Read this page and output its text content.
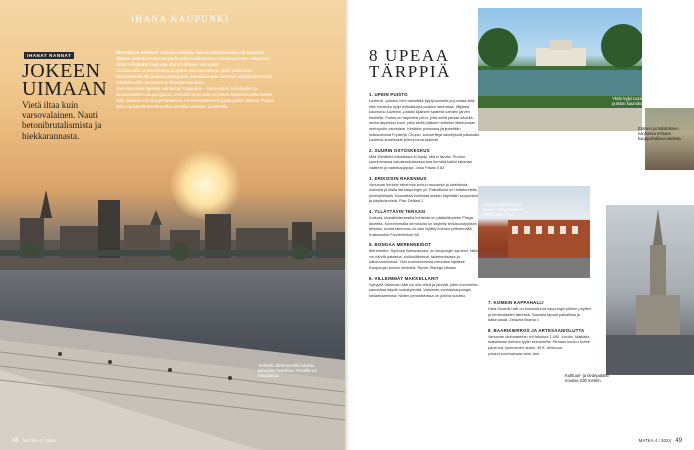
IHANA KAUPUNKI
IHANAT RANNAT
JOKEEN
UIMAAN
Vietä iltaa kuin varsovalainen. Nauti betonibrutalismista ja hiekkarannasta.

VEIKSELIN RANNAT ovat varsovalaisille tärkeitä virkistysalueita, sillä kaupunki sijaitsee keskellä Puolaa tasaisella peltomaalla kaukana merenrannoista. Veikselissä virtaa virkistävästi kaupungin läpi ja halkaisee sen kahtia.

Länsirannalla on kävelykatuja ja jyrkkiä näkymäterasseja, pitkin poikkeavan kävelysiltapaikoilla ja katuruokakojuissa. Betonikaunasta Varsovan nykyaikaisemmalla arkkitehtuurilla, tanssitaan ja ikkunoita katsotaan.

Joen itäpuolella sijaitsee rouheampi Praga-alue – hipstereiden, taiteilijoiden ja kuvaamataiteen kaupunginosa. Veikselin itärannalla voi pääsiä hiekkarannoilla-alueille, joilla ahdaksti ovat ilmi pernantaneet. Hämmästyttävästi hyppää jokeen uimaan. Polkua pitkin voi kävellä kävelleä pitkin rannalla kahvilaan ja bistroille.

Veikselin länsirannalla lukuisia kahvilaita kesäiltaa. Päivällä voi rampautua.
48 MATKA 4 / 2024
8 UPEAA
TÄRPPIÄ
1. UPEIN PUISTO
Łazienki -puiston nimi tarkoittaa kylpyhuoneita ja juontaa sillä, että hovisuku kylpi entisaikoina puiston lammissa. Hiljaista kaunistuu Łazienki -palatsi sijaitsee saarella kahden järven keskellä. Puisto on tarpeeksi pieni, jotta siellä jaksaa kävellä, mutta tarpeeksi suuri, jotta siellä pääsee hetkeksi irtautumaan metropolin vauhdista. Kesäisin puistossa järjestetään maksuttomia Fryderyk Chopin -konsertteja sävellyksiä patsaalla. Łazienki-krolewskie.pl/en/pozna-łazienki
2. SUURIN OSTOSKESKUS
Mitä Westfield Arkadiasta ei löydy, sitä ei tarvita. Puolan suurimmassa ostoskeskuksessa saa kerralla kaikki tahansa vaatteet ja vaatekauppoja. Jana Pawła II 82
3. ERIKOISIN RAKENNUS
Varsovan korkein rakennus puhuu muusinta ja kaleidosta. Aamulla ja illalla ilta kaupungin yli. Paikallisilla on rinttatunnettu pilvenpiirtäjää. Kannattaa kurkistaa sisään käymään kaupunkiin ja käytävänoista. Plac Defilad 1
4. YLLÄTTÄVIN TERASSI
Kulkuta, kristallikiterassilla kortteilta on päätellävyleen Praga-alueella. Korkeimmalla kerroksilla on käytetty teollisuustyylisen tehtaan, mutta rakennus oli vain hylätty kolmen peltiseinällä. Krakowskie Przedmieście 68
5. BONGAA MERENNEIDOT
Merenneito, Syrenka Warszawska, on kaupungin symboli. Niitä voi nähdä patsaina, suihkulähteinä, taideteoksissa ja katumuotoilussa. Yksi kuuluisimmista neidoista sijaitsee Kaupungin aukion keskellä. Rynek Starego Miasta
6. VILLEIMMÄT MAKKELLARIT
Sykyyllä Varsovan sää voi olla viileä ja jännää, joten kuunnellen kannattaa käydä ruokatyömää. Varsovan vanhankaupungin kellaribaareissa. Niiden penanttarissa on juhliva kuvattu.
7. KOMEIN KAPPAHALLI
Hala Gwardii halli on kokoontunut kaupungin pitkien pöytien ja herkkutiskien ääressä. Samalla tapaat paikallisia ja katuruokaa. Zelazna Brama 1
8. BAARIKIERROS JA ARTESAANIOLUTTA
Varsovan olutbaareihin voi tutustua 1.000 -luvulla. Matkalla maistetaan kolmea tyylin kerroksella. Hintaan kuuluu kolme panimoa, kymmenen olutta, 45 €. delicious-poland.com/warsaw-beer-tour
Yksin kylpi Łazienki -puiston kaunokoteja.
Entisen juotolaitoksen vanhassa tehtaan kauppahallissa taidetta.
Hipsterimpää Pragan alueen näkymäalueen osaksi Varsovaa.
Kulttuuri- ja tiedepalatsi nousee 230 metriin.
MATKA 4 / 2024 49
